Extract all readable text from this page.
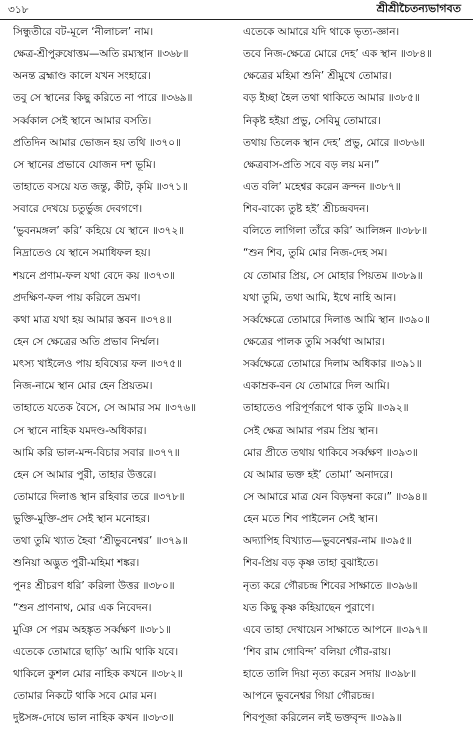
৩১৮	শ্রীশ্রীচৈতন্যভাগবত
সিন্ধুতীরে বট-মূলে ‘নীলাচল’ নাম।
ক্ষেত্র-শ্রীপুরুষোত্তম—অতি রম্যস্থান ॥৩৬৮॥
অনন্ত ব্রহ্মাণ্ড কালে যখন সংহারে।
তবু সে স্থানের কিছু করিতে না পারে ॥৩৬৯॥
সর্ব্বকাল সেই স্থানে আমার বসতি।
প্রতিদিন আমার ভোজন হয় তথি ॥৩৭০॥
সে স্থানের প্রভাবে যোজন দশ ভূমি।
তাহাতে বসয়ে যত জন্তু, কীট, কৃমি ॥৩৭১॥
সবারে দেখয়ে চতুর্ভুজ দেবগণে।
‘ভুবনমঙ্গল’ করি’ কহিয়ে যে স্থানে ॥৩৭২॥
নিদ্রাতেও যে স্থানে সমাধিফল হয়।
শয়নে প্রণাম-ফল যথা বেদে কয় ॥৩৭৩॥
প্রদক্ষিণ-ফল পায় করিলে ভ্রমণ।
কথা মাত্র যথা হয় আমার স্তবন ॥৩৭৪॥
হেন সে ক্ষেত্রের অতি প্রভাব নির্ম্মল।
মৎস্য খাইলেও পায় হবিষ্যের ফল ॥৩৭৫॥
নিজ-নামে স্থান মোর হেন প্রিয়তম।
তাহাতে যতেক বৈসে, সে আমার সম ॥৩৭৬॥
সে স্থানে নাহিক যমদণ্ড-অধিকার।
আমি করি ভাল-মন্দ-বিচার সবার ॥৩৭৭॥
হেন সে আমার পুরী, তাহার উত্তরে।
তোমারে দিলাঙ স্থান রহিবার তরে ॥৩৭৮॥
ভুক্তি-মুক্তি-প্রদ সেই স্থান মনোহর।
তথা তুমি খ্যাত হৈবা ‘শ্রীভুবনেশ্বর’ ॥৩৭৯॥
শুনিয়া অদ্ভুত পুরী-মহিমা শঙ্কর।
পুনঃ শ্রীচরণ ধরি’ করিলা উত্তর ॥৩৮০॥
“শুন প্রাণনাথ, মোর এক নিবেদন।
মুঞি সে পরম অহঙ্কৃত সর্ব্বক্ষণ ॥৩৮১॥
এতেকে তোমারে ছাড়ি’ আমি থাকি যবে।
থাকিলে কুশল মোর নাহিক কখনে ॥৩৮২॥
তোমার নিকটে থাকি সবে মোর মন।
দুষ্টসঙ্গ-দোষে ভাল নাহিক কখন ॥৩৮৩॥
এতেকে আমারে যদি থাকে ভৃত্য-জ্ঞান।
তবে নিজ-ক্ষেত্রে মোরে দেহ’ এক স্থান ॥৩৮৪॥
ক্ষেত্রের মহিমা শুনি’ শ্রীমুখে তোমার।
বড় ইচ্ছা হৈল তথা থাকিতে আমার ॥৩৮৫॥
নিকৃষ্ট হইয়া প্রভু, সেবিমু তোমারে।
তথায় তিলেক স্থান দেহ’ প্রভু, মোরে ॥৩৮৬॥
ক্ষেত্রবাস-প্রতি সবে বড় লয় মন।”
এত বলি’ মহেশ্বর করেন ক্রন্দন ॥৩৮৭॥
শিব-বাক্যে তুষ্ট হই’ শ্রীচন্দ্রবদন।
বলিতে লাগিলা তাঁরে করি’ আলিঙ্গন ॥৩৮৮॥
“শুন শিব, তুমি মোর নিজ-দেহ সম।
যে তোমার প্রিয়, সে মোহার পিয়তম ॥৩৮৯॥
যথা তুমি, তথা আমি, ইথে নাহি আন।
সর্ব্বক্ষেত্রে তোমারে দিলাঙ আমি স্থান ॥৩৯০॥
ক্ষেত্রের পালক তুমি সর্ব্বথা আমার।
সর্ব্বক্ষেত্রে তোমারে দিলাম অধিকার ॥৩৯১॥
একাম্রক-বন যে তোমারে দিল আমি।
তাহাতেও পরিপূর্ণরূপে থাক তুমি ॥৩৯২॥
সেই ক্ষেত্র আমার পরম প্রিয় স্থান।
মোর প্রীতে তথায় থাকিবে সর্ব্বক্ষণ ॥৩৯৩॥
যে আমার ভক্ত হই’ তোমা’ অনাদরে।
সে আমারে মাত্র যেন বিড়ম্বনা করে।” ॥৩৯৪॥
হেন মতে শিব পাইলেন সেই স্থান।
অদ্যাপিহ বিখ্যাত—ভুবনেশ্বর-নাম ॥৩৯৫॥
শিব-প্রিয় বড় কৃষ্ণ তাহা বুঝাইতে।
নৃত্য করে গৌরচন্দ্র শিবের সাক্ষাতে ॥৩৯৬॥
যত কিছু কৃষ্ণ কহিয়াছেন পুরাণে।
এবে তাহা দেখায়েন সাক্ষাতে আপনে ॥৩৯৭॥
‘শিব রাম গোবিন্দ’ বলিয়া গৌর-রায়।
হাতে তালি দিয়া নৃত্য করেন সদায় ॥৩৯৮॥
আপনে ভুবনেশ্বর গিয়া গৌরচন্দ্র।
শিবপূজা করিলেন লই ভক্তবৃন্দ ॥৩৯৯॥
